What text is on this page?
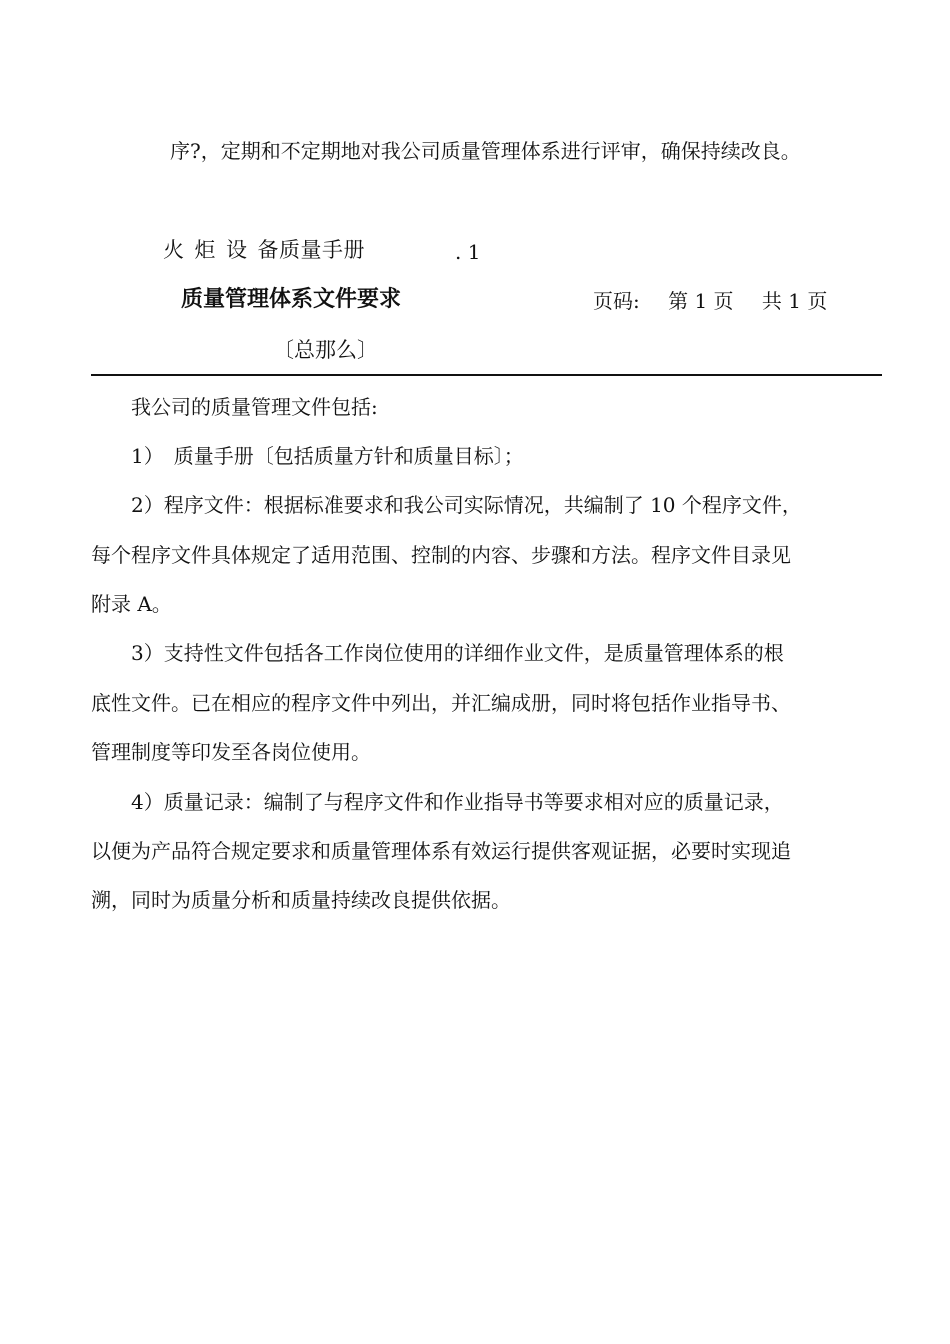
序?，定期和不定期地对我公司质量管理体系进行评审，确保持续改良。
火 炬 设 备质量手册	. 1
质量管理体系文件要求	页码: 第 1 页 共 1 页
〔总那么〕
我公司的质量管理文件包括:
1）　质量手册〔包括质量方针和质量目标〕；
2）程序文件：根据标准要求和我公司实际情况，共编制了 10 个程序文件，
每个程序文件具体规定了适用范围、控制的内容、步骤和方法。程序文件目录见
附录 A。
3）支持性文件包括各工作岗位使用的详细作业文件，是质量管理体系的根
底性文件。已在相应的程序文件中列出，并汇编成册，同时将包括作业指导书、
管理制度等印发至各岗位使用。
4）质量记录：编制了与程序文件和作业指导书等要求相对应的质量记录，
以便为产品符合规定要求和质量管理体系有效运行提供客观证据，必要时实现追
溯，同时为质量分析和质量持续改良提供依据。
